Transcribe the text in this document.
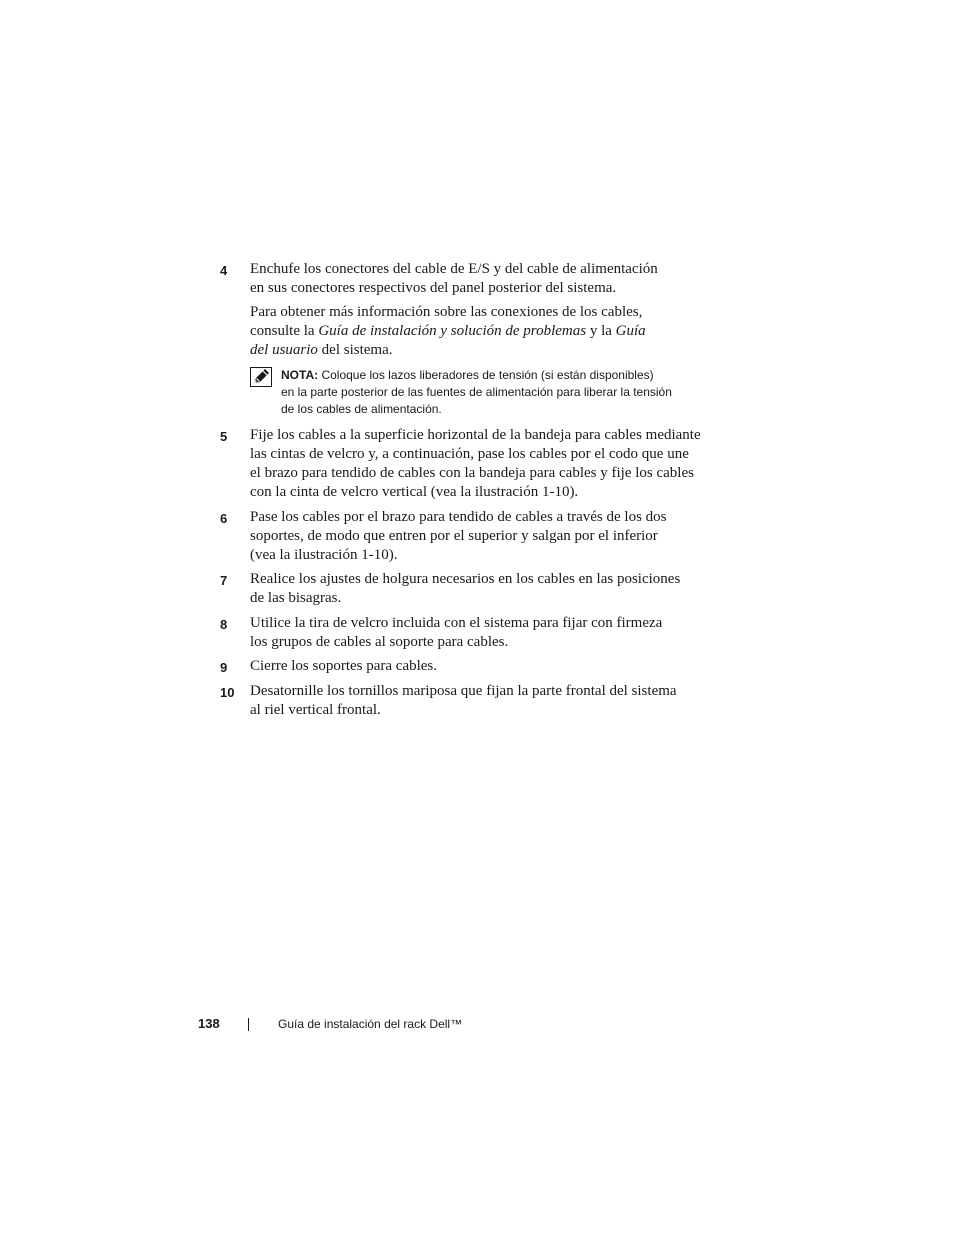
4	Enchufe los conectores del cable de E/S y del cable de alimentación
en sus conectores respectivos del panel posterior del sistema.
Para obtener más información sobre las conexiones de los cables,
consulte la Guía de instalación y solución de problemas y la Guía
del usuario del sistema.
NOTA: Coloque los lazos liberadores de tensión (si están disponibles)
en la parte posterior de las fuentes de alimentación para liberar la tensión
de los cables de alimentación.
5	Fije los cables a la superficie horizontal de la bandeja para cables mediante
las cintas de velcro y, a continuación, pase los cables por el codo que une
el brazo para tendido de cables con la bandeja para cables y fije los cables
con la cinta de velcro vertical (vea la ilustración 1-10).
6	Pase los cables por el brazo para tendido de cables a través de los dos
soportes, de modo que entren por el superior y salgan por el inferior
(vea la ilustración 1-10).
7	Realice los ajustes de holgura necesarios en los cables en las posiciones
de las bisagras.
8	Utilice la tira de velcro incluida con el sistema para fijar con firmeza
los grupos de cables al soporte para cables.
9	Cierre los soportes para cables.
10	Desatornille los tornillos mariposa que fijan la parte frontal del sistema
al riel vertical frontal.
138	Guía de instalación del rack Dell™
